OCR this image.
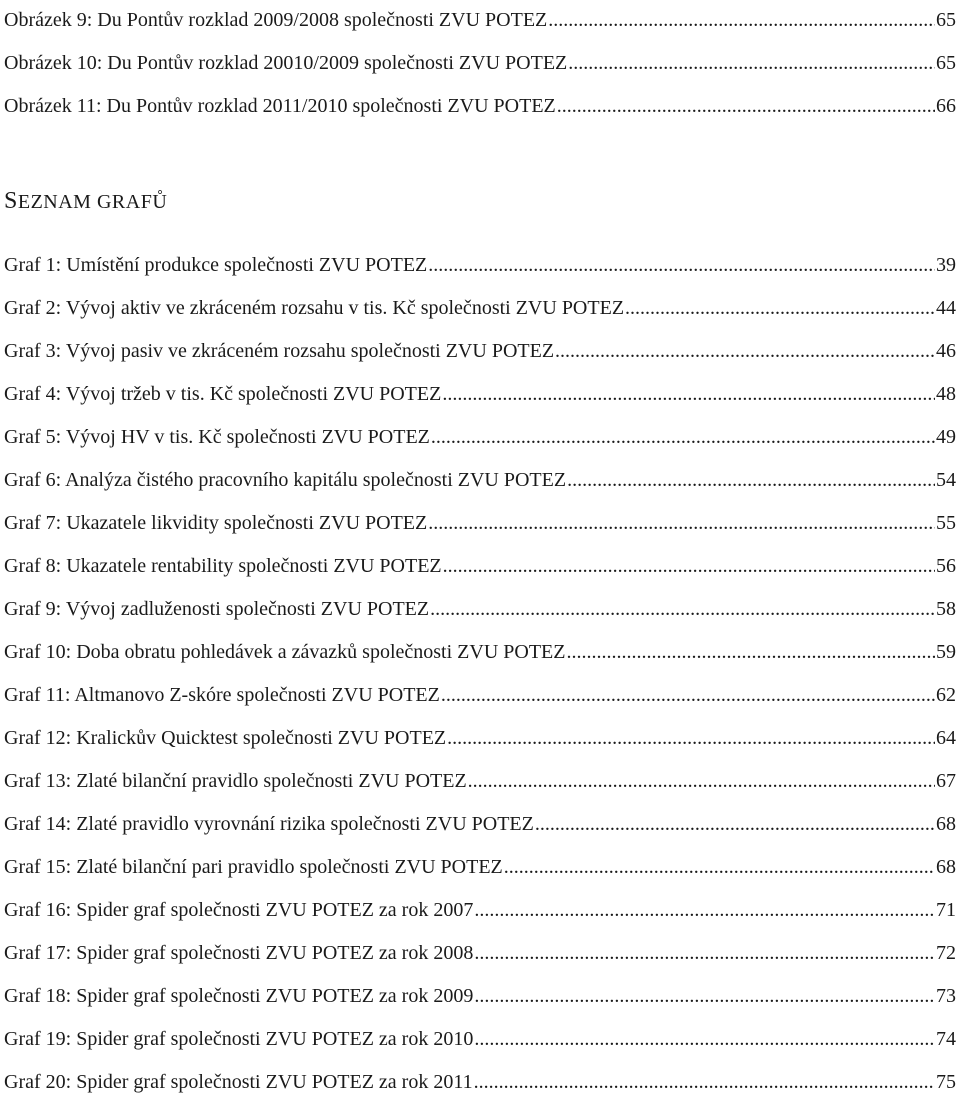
Obrázek 9: Du Pontův rozklad 2009/2008 společnosti ZVU POTEZ .....	65
Obrázek 10: Du Pontův rozklad 20010/2009 společnosti ZVU POTEZ .....	65
Obrázek 11: Du Pontův rozklad 2011/2010 společnosti ZVU POTEZ .....	66
SEZNAM GRAFŮ
Graf 1: Umístění produkce společnosti ZVU POTEZ .....	39
Graf 2: Vývoj aktiv ve zkráceném rozsahu v tis. Kč společnosti ZVU POTEZ .....	44
Graf 3: Vývoj pasiv ve zkráceném rozsahu společnosti ZVU POTEZ .....	46
Graf 4: Vývoj tržeb v tis. Kč společnosti ZVU POTEZ .....	48
Graf 5: Vývoj HV v tis. Kč společnosti ZVU POTEZ .....	49
Graf 6: Analýza čistého pracovního kapitálu společnosti ZVU POTEZ .....	54
Graf 7: Ukazatele likvidity společnosti ZVU POTEZ .....	55
Graf 8: Ukazatele rentability společnosti ZVU POTEZ .....	56
Graf 9: Vývoj zadluženosti společnosti ZVU POTEZ .....	58
Graf 10: Doba obratu pohledávek a závazků společnosti ZVU POTEZ .....	59
Graf 11: Altmanovo Z-skóre společnosti ZVU POTEZ .....	62
Graf 12: Kralickův Quicktest společnosti ZVU POTEZ .....	64
Graf 13: Zlaté bilanční pravidlo společnosti ZVU POTEZ .....	67
Graf 14: Zlaté pravidlo vyrovnání rizika společnosti ZVU POTEZ .....	68
Graf 15: Zlaté bilanční pari pravidlo společnosti ZVU POTEZ .....	68
Graf 16: Spider graf společnosti ZVU POTEZ za rok 2007 .....	71
Graf 17: Spider graf společnosti ZVU POTEZ za rok 2008 .....	72
Graf 18: Spider graf společnosti ZVU POTEZ za rok 2009 .....	73
Graf 19: Spider graf společnosti ZVU POTEZ za rok 2010 .....	74
Graf 20: Spider graf společnosti ZVU POTEZ za rok 2011 .....	75
